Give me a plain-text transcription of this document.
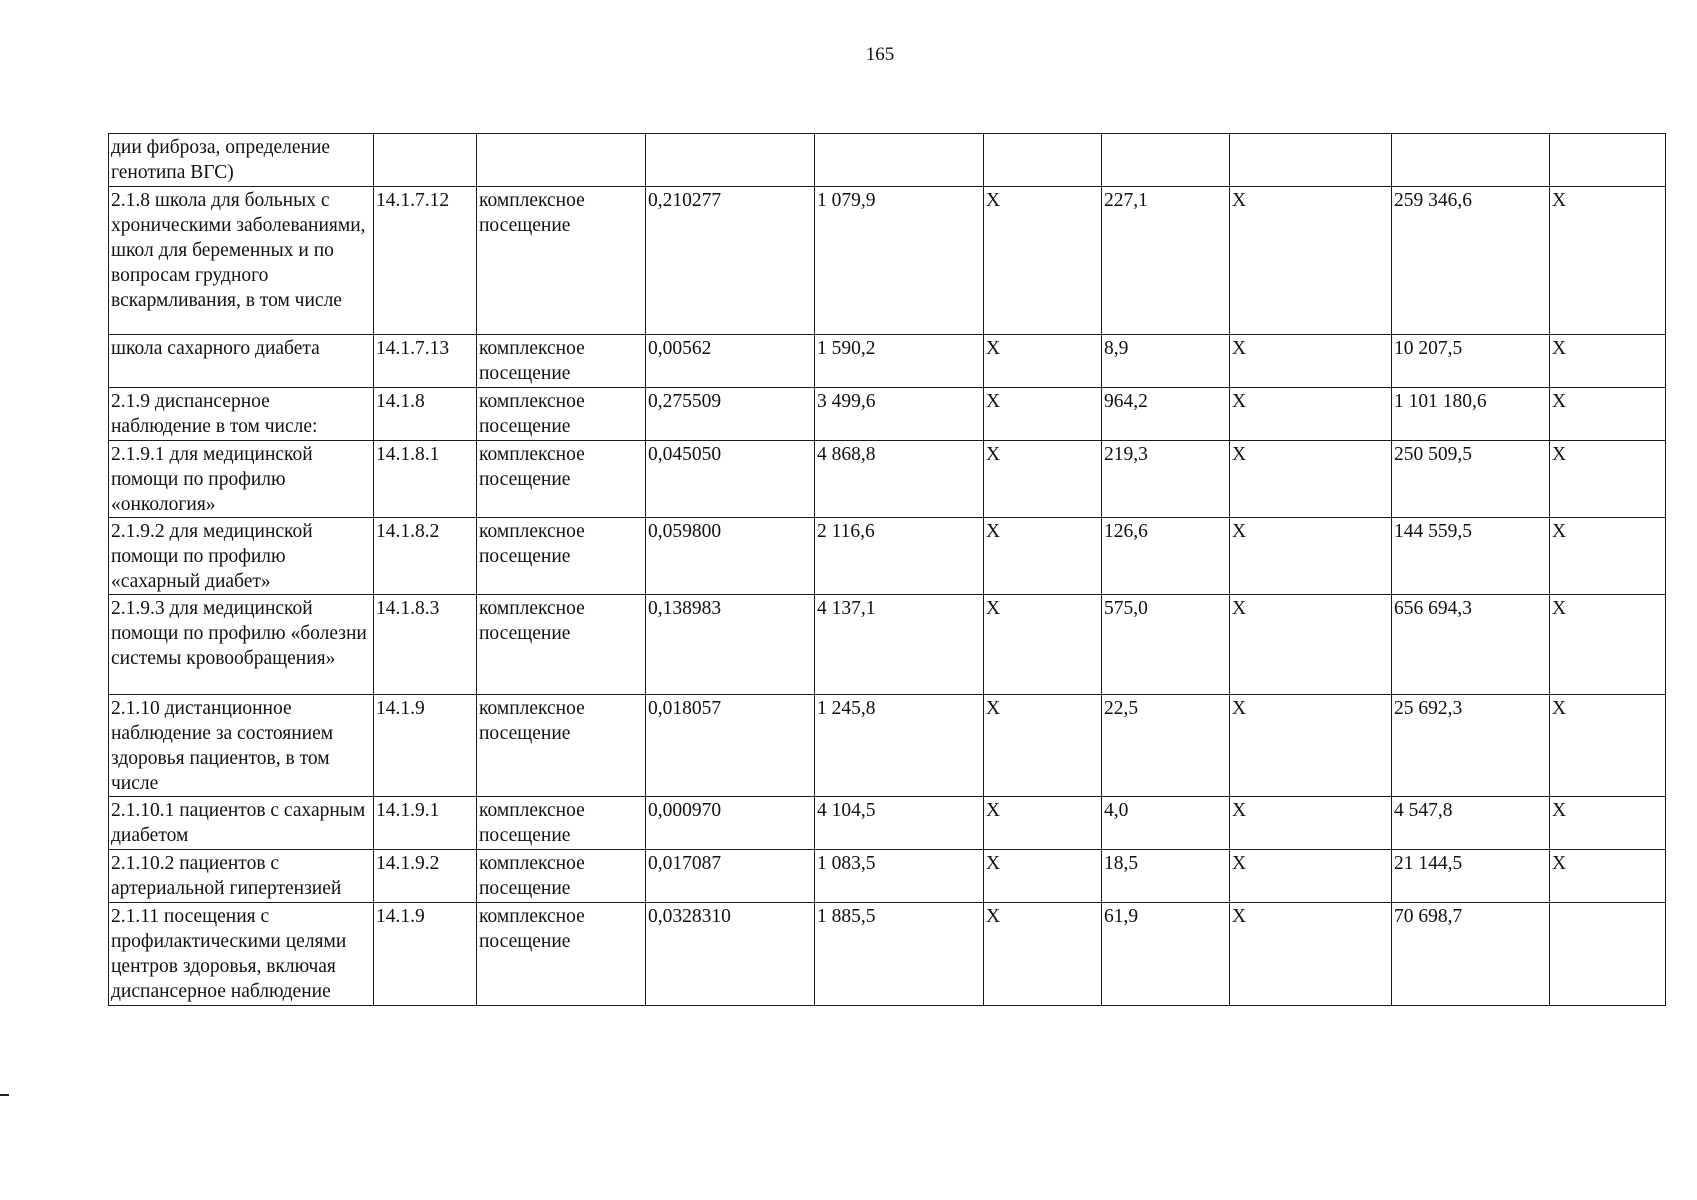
165
дии фиброза, определение генотипа ВГС)									
2.1.8 школа для больных с хроническими заболеваниями, школ для беременных и по вопросам грудного вскармливания, в том числе	14.1.7.12	комплексное посещение	0,210277	1 079,9	X	227,1	X	259 346,6	X
школа сахарного диабета	14.1.7.13	комплексное посещение	0,00562	1 590,2	X	8,9	X	10 207,5	X
2.1.9 диспансерное наблюдение в том числе:	14.1.8	комплексное посещение	0,275509	3 499,6	X	964,2	X	1 101 180,6	X
2.1.9.1 для медицинской помощи по профилю «онкология»	14.1.8.1	комплексное посещение	0,045050	4 868,8	X	219,3	X	250 509,5	X
2.1.9.2 для медицинской помощи по профилю «сахарный диабет»	14.1.8.2	комплексное посещение	0,059800	2 116,6	X	126,6	X	144 559,5	X
2.1.9.3 для медицинской помощи по профилю «болезни системы кровообращения»	14.1.8.3	комплексное посещение	0,138983	4 137,1	X	575,0	X	656 694,3	X
2.1.10 дистанционное наблюдение за состоянием здоровья пациентов, в том числе	14.1.9	комплексное посещение	0,018057	1 245,8	X	22,5	X	25 692,3	X
2.1.10.1 пациентов с сахарным диабетом	14.1.9.1	комплексное посещение	0,000970	4 104,5	X	4,0	X	4 547,8	X
2.1.10.2 пациентов с артериальной гипертензией	14.1.9.2	комплексное посещение	0,017087	1 083,5	X	18,5	X	21 144,5	X
2.1.11 посещения с профилактическими целями центров здоровья, включая диспансерное наблюдение	14.1.9	комплексное посещение	0,0328310	1 885,5	X	61,9	X	70 698,7	
